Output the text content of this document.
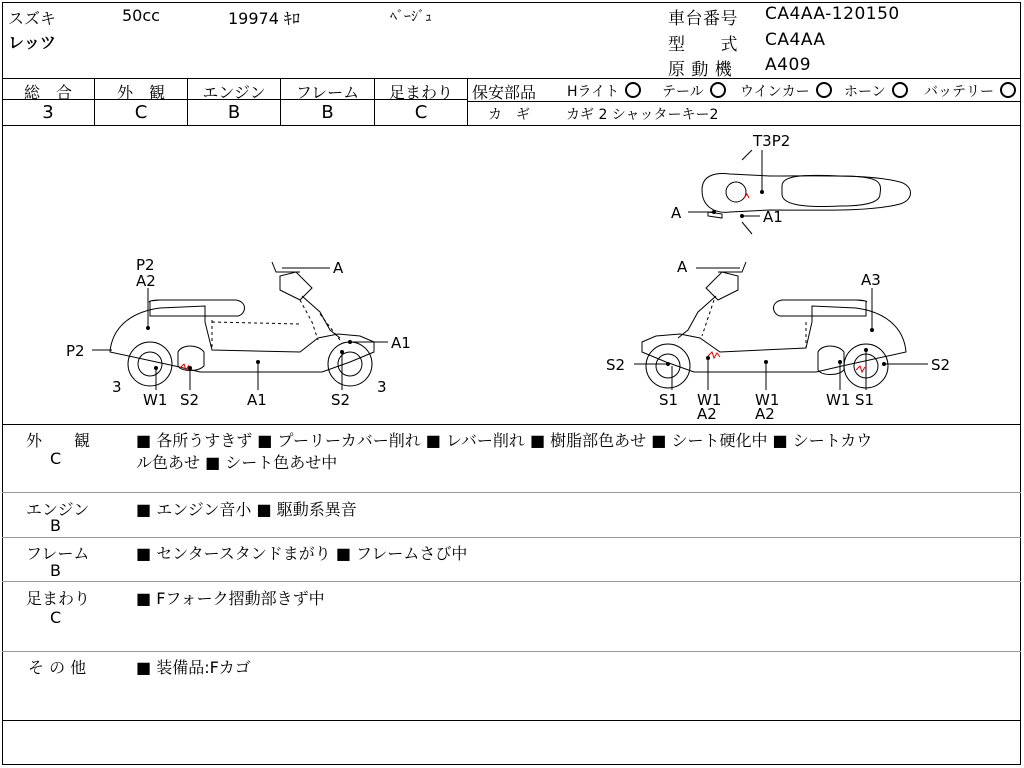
スズキ	50cc	19974 ｷﾛ	ﾍﾞｰｼﾞｭ
レッツ
車台番号 CA4AA-120150
型　　式 CA4AA
原 動 機 A409
総　合	外　観	エンジン	フレーム	足まわり
3	C	B	B	C
保安部品 Hライト	テール	ウインカー	ホーン	バッテリー
カ　ギ	カギ 2 シャッターキー2
P2
A2
A
A1
P2
3
W1 S2	A1	S2
3
T3P2
A	A1
A
A3
S2
S1 W1
A2
W1
A2
W1 S1
S2
外　　観
C
■ 各所うすきず ■ プーリーカバー削れ ■ レバー削れ ■ 樹脂部色あせ ■ シート硬化中 ■ シートカウ
ル色あせ ■ シート色あせ中
エンジン
B
■ エンジン音小 ■ 駆動系異音
フレーム
B
■ センタースタンドまがり ■ フレームさび中
足まわり
C
■ Fフォーク摺動部きず中
そ の 他	■ 装備品:Fカゴ
